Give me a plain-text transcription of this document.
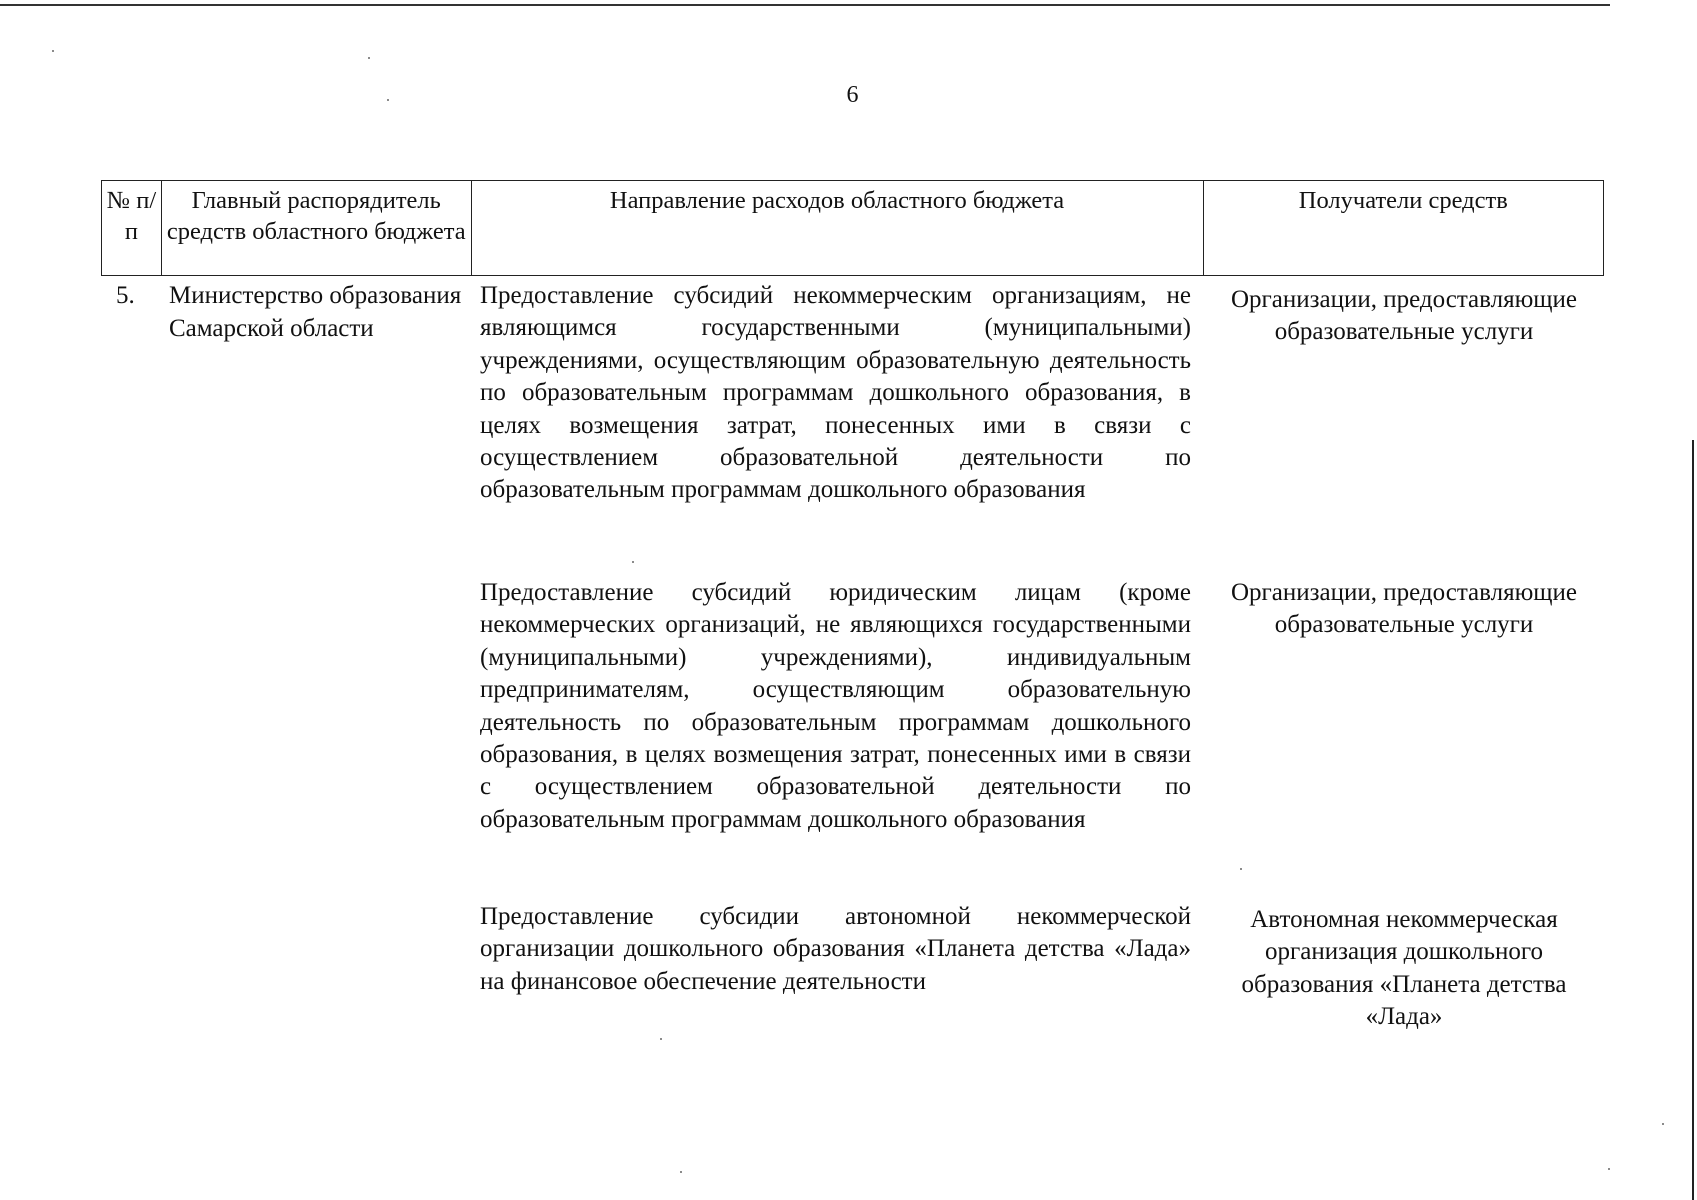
6
№ п/п
Главный распорядитель средств областного бюджета
Направление расходов областного бюджета	Получатели средств
5. Министерство образования Самарской области
Предоставление субсидий некоммерческим организациям, не являющимся государственными (муниципальными) учреждениями, осуществляющим образовательную деятельность по образовательным программам дошкольного образования, в целях возмещения затрат, понесенных ими в связи с осуществлением образовательной деятельности по образовательным программам дошкольного образования
Организации, предоставляющие образовательные услуги
Предоставление субсидий юридическим лицам (кроме некоммерческих организаций, не являющихся государственными (муниципальными) учреждениями), индивидуальным предпринимателям, осуществляющим образовательную деятельность по образовательным программам дошкольного образования, в целях возмещения затрат, понесенных ими в связи с осуществлением образовательной деятельности по образовательным программам дошкольного образования
Организации, предоставляющие образовательные услуги
Предоставление субсидии автономной некоммерческой организации дошкольного образования «Планета детства «Лада» на финансовое обеспечение деятельности
Автономная некоммерческая организация дошкольного образования «Планета детства «Лада»
